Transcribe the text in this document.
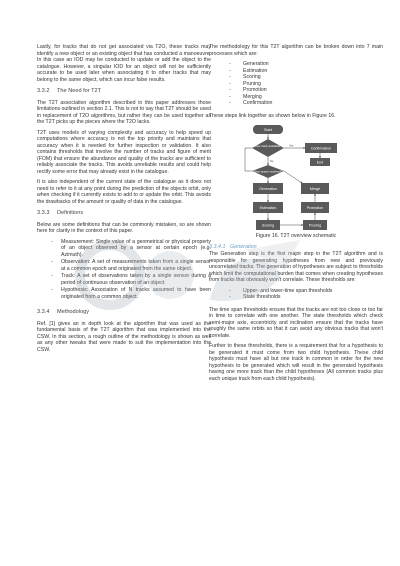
Lastly, for tracks that do not get associated via T2O, these tracks may identify a new object or an existing object that has conducted a manoeuvre. In this case an IOD may be conducted to update or add the object to the catalogue. However, a singular IOD for an object will not be sufficiently accurate to be used later when associating it to other tracks that may belong to the same object, which can incur false results.

3.3.2 The Need for T2T

The T2T association algorithm described in this paper addresses those limitations outlined in section 2.1. This is not to say that T2T should be used in replacement of T2O algorithms, but rather they can be used together as the T2T picks up the pieces where the T2O lacks.

T2T uses models of varying complexity and accuracy to help speed up computations where accuracy is not the top priority and maintains that accuracy when it is needed for further inspection or validation. It also contains thresholds that involve the number of tracks and figure of merit (FOM) that ensure the abundance and quality of the tracks are sufficient to reliably associate the tracks. This avoids unreliable results and could help rectify some error that may already exist in the catalogue.

It is also independent of the current state of the catalogue as it does not need to refer to it at any point during the prediction of the objects orbit, only when checking if it currently exists to add to or update the orbit. This avoids the drawbacks of the amount or quality of data in the catalogue.

3.3.3 Definitions

Below are some definitions that can be commonly mistaken, so are shown here for clarity in the context of this paper.

- Measurement: Single value of a geometrical or physical property of an object observed by a sensor at certain epoch (e.g. Azimuth).
- Observation: A set of measurements taken from a single sensor at a common epoch and originated from the same object.
- Track: A set of observations taken by a single sensor during a period of continuous observation of an object.
- Hypothesis: Association of N tracks assumed to have been originated from a common object.
3.3.4 Methodology

Ref. [1] gives an in depth look at the algorithm that was used as the fundamental basis of the T2T algorithm that was implemented into the CSW. In this section, a rough outline of the methodology is shown as well as any other tweaks that were made to suit the implementation into the CSW.

The methodology for this T2T algorithm can be broken down into 7 main processes which are:

- Generation
- Estimation
- Scoring
- Pruning
- Promotion
- Merging
- Confirmation

These steps link together as shown below in Figure 16.

Start
New track available?
Confirmation
End
New space reached?
Generation	Merge
Estimation	Promotion
Scoring	Pruning
Yes
No
Figure 16. T2T overview schematic
3.3.4.1 Generation

The Generation step is the first major step in the T2T algorithm and is responsible for generating hypotheses from new and previously uncorrelated tracks. The generation of hypotheses are subject to thresholds which limit the computational burden that comes when creating hypotheses from tracks that obviously won't correlate. These thresholds are:

- Upper- and lower-time span thresholds
- State thresholds

The time span thresholds ensure that the tracks are not too close or too far in time to correlate with one another. The state thresholds which check semi-major axis, eccentricity and inclination ensure that the tracks have roughly the same orbits so that it can avoid any obvious tracks that won't correlate.

Further to these thresholds, there is a requirement that for a hypothesis to be generated it must come from two child hypothesis. These child hypothesis must have all but one track in common in order for the new hypothesis to be generated which will result in the generated hypothesis having one more track than the child hypotheses (All common tracks plus each unique track from each child hypothesis).
